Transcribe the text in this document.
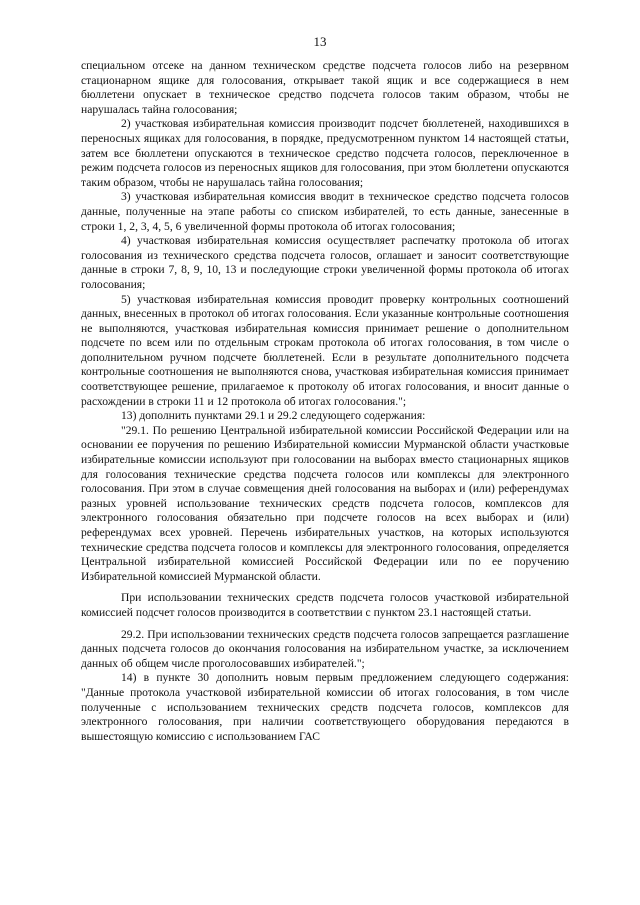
13

специальном отсеке на данном техническом средстве подсчета голосов либо на резервном стационарном ящике для голосования, открывает такой ящик и все содержащиеся в нем бюллетени опускает в техническое средство подсчета голосов таким образом, чтобы не нарушалась тайна голосования;

2) участковая избирательная комиссия производит подсчет бюллетеней, находившихся в переносных ящиках для голосования, в порядке, предусмотренном пунктом 14 настоящей статьи, затем все бюллетени опускаются в техническое средство подсчета голосов, переключенное в режим подсчета голосов из переносных ящиков для голосования, при этом бюллетени опускаются таким образом, чтобы не нарушалась тайна голосования;

3) участковая избирательная комиссия вводит в техническое средство подсчета голосов данные, полученные на этапе работы со списком избирателей, то есть данные, занесенные в строки 1, 2, 3, 4, 5, 6 увеличенной формы протокола об итогах голосования;

4) участковая избирательная комиссия осуществляет распечатку протокола об итогах голосования из технического средства подсчета голосов, оглашает и заносит соответствующие данные в строки 7, 8, 9, 10, 13 и последующие строки увеличенной формы протокола об итогах голосования;

5) участковая избирательная комиссия проводит проверку контрольных соотношений данных, внесенных в протокол об итогах голосования. Если указанные контрольные соотношения не выполняются, участковая избирательная комиссия принимает решение о дополнительном подсчете по всем или по отдельным строкам протокола об итогах голосования, в том числе о дополнительном ручном подсчете бюллетеней. Если в результате дополнительного подсчета контрольные соотношения не выполняются снова, участковая избирательная комиссия принимает соответствующее решение, прилагаемое к протоколу об итогах голосования, и вносит данные о расхождении в строки 11 и 12 протокола об итогах голосования.";

13) дополнить пунктами 29.1 и 29.2 следующего содержания:

"29.1. По решению Центральной избирательной комиссии Российской Федерации или на основании ее поручения по решению Избирательной комиссии Мурманской области участковые избирательные комиссии используют при голосовании на выборах вместо стационарных ящиков для голосования технические средства подсчета голосов или комплексы для электронного голосования. При этом в случае совмещения дней голосования на выборах и (или) референдумах разных уровней использование технических средств подсчета голосов, комплексов для электронного голосования обязательно при подсчете голосов на всех выборах и (или) референдумах всех уровней. Перечень избирательных участков, на которых используются технические средства подсчета голосов и комплексы для электронного голосования, определяется Центральной избирательной комиссией Российской Федерации или по ее поручению Избирательной комиссией Мурманской области.

При использовании технических средств подсчета голосов участковой избирательной комиссией подсчет голосов производится в соответствии с пунктом 23.1 настоящей статьи.

29.2. При использовании технических средств подсчета голосов запрещается разглашение данных подсчета голосов до окончания голосования на избирательном участке, за исключением данных об общем числе проголосовавших избирателей.";

14) в пункте 30 дополнить новым первым предложением следующего содержания: "Данные протокола участковой избирательной комиссии об итогах голосования, в том числе полученные с использованием технических средств подсчета голосов, комплексов для электронного голосования, при наличии соответствующего оборудования передаются в вышестоящую комиссию с использованием ГАС
